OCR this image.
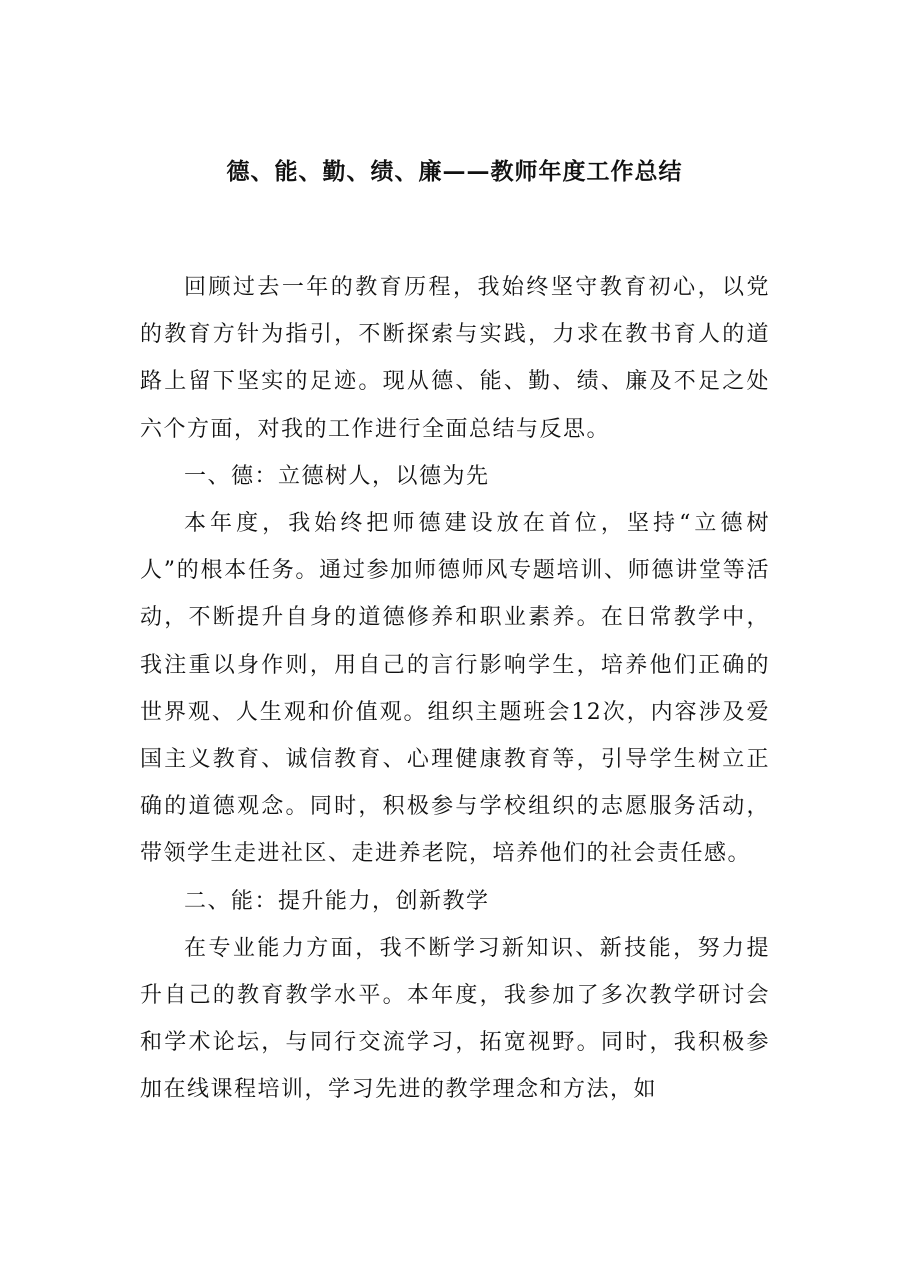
德、能、勤、绩、廉——教师年度工作总结

回顾过去一年的教育历程，我始终坚守教育初心，以党的教育方针为指引，不断探索与实践，力求在教书育人的道路上留下坚实的足迹。现从德、能、勤、绩、廉及不足之处六个方面，对我的工作进行全面总结与反思。

一、德：立德树人，以德为先

本年度，我始终把师德建设放在首位，坚持“立德树人”的根本任务。通过参加师德师风专题培训、师德讲堂等活动，不断提升自身的道德修养和职业素养。在日常教学中，我注重以身作则，用自己的言行影响学生，培养他们正确的世界观、人生观和价值观。组织主题班会12次，内容涉及爱国主义教育、诚信教育、心理健康教育等，引导学生树立正确的道德观念。同时，积极参与学校组织的志愿服务活动，带领学生走进社区、走进养老院，培养他们的社会责任感。

二、能：提升能力，创新教学

在专业能力方面，我不断学习新知识、新技能，努力提升自己的教育教学水平。本年度，我参加了多次教学研讨会和学术论坛，与同行交流学习，拓宽视野。同时，我积极参加在线课程培训，学习先进的教学理念和方法，如
